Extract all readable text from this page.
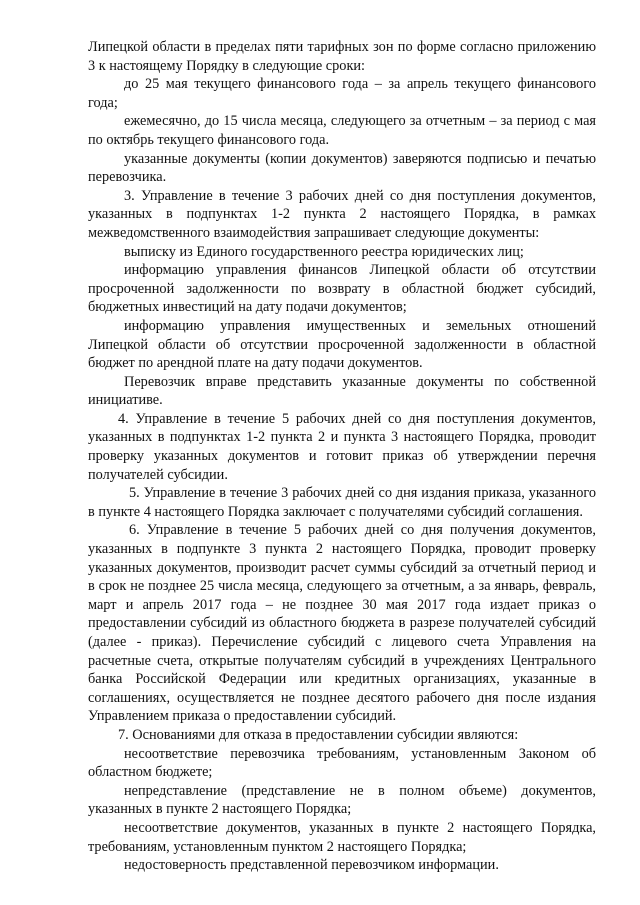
Липецкой области в пределах пяти тарифных зон по форме согласно приложению 3 к настоящему Порядку в следующие сроки:

до 25 мая текущего финансового года – за апрель текущего финансового года;

ежемесячно, до 15 числа месяца, следующего за отчетным – за период с мая по октябрь текущего финансового года.

указанные документы (копии документов) заверяются подписью и печатью перевозчика.

3. Управление в течение 3 рабочих дней со дня поступления документов, указанных в подпунктах 1-2 пункта 2 настоящего Порядка, в рамках межведомственного взаимодействия запрашивает следующие документы:

выписку из Единого государственного реестра юридических лиц;

информацию управления финансов Липецкой области об отсутствии просроченной задолженности по возврату в областной бюджет субсидий, бюджетных инвестиций на дату подачи документов;

информацию управления имущественных и земельных отношений Липецкой области об отсутствии просроченной задолженности в областной бюджет по арендной плате на дату подачи документов.

Перевозчик вправе представить указанные документы по собственной инициативе.

4. Управление в течение 5 рабочих дней со дня поступления документов, указанных в подпунктах 1-2 пункта 2 и пункта 3 настоящего Порядка, проводит проверку указанных документов и готовит приказ об утверждении перечня получателей субсидии.

5. Управление в течение 3 рабочих дней со дня издания приказа, указанного в пункте 4 настоящего Порядка заключает с получателями субсидий соглашения.

6. Управление в течение 5 рабочих дней со дня получения документов, указанных в подпункте 3 пункта 2 настоящего Порядка, проводит проверку указанных документов, производит расчет суммы субсидий за отчетный период и в срок не позднее 25 числа месяца, следующего за отчетным, а за январь, февраль, март и апрель 2017 года – не позднее 30 мая 2017 года издает приказ о предоставлении субсидий из областного бюджета в разрезе получателей субсидий (далее - приказ). Перечисление субсидий с лицевого счета Управления на расчетные счета, открытые получателям субсидий в учреждениях Центрального банка Российской Федерации или кредитных организациях, указанные в соглашениях, осуществляется не позднее десятого рабочего дня после издания Управлением приказа о предоставлении субсидий.

7. Основаниями для отказа в предоставлении субсидии являются:

несоответствие перевозчика требованиям, установленным Законом об областном бюджете;

непредставление (представление не в полном объеме) документов, указанных в пункте 2 настоящего Порядка;

несоответствие документов, указанных в пункте 2 настоящего Порядка, требованиям, установленным пунктом 2 настоящего Порядка;

недостоверность представленной перевозчиком информации.
